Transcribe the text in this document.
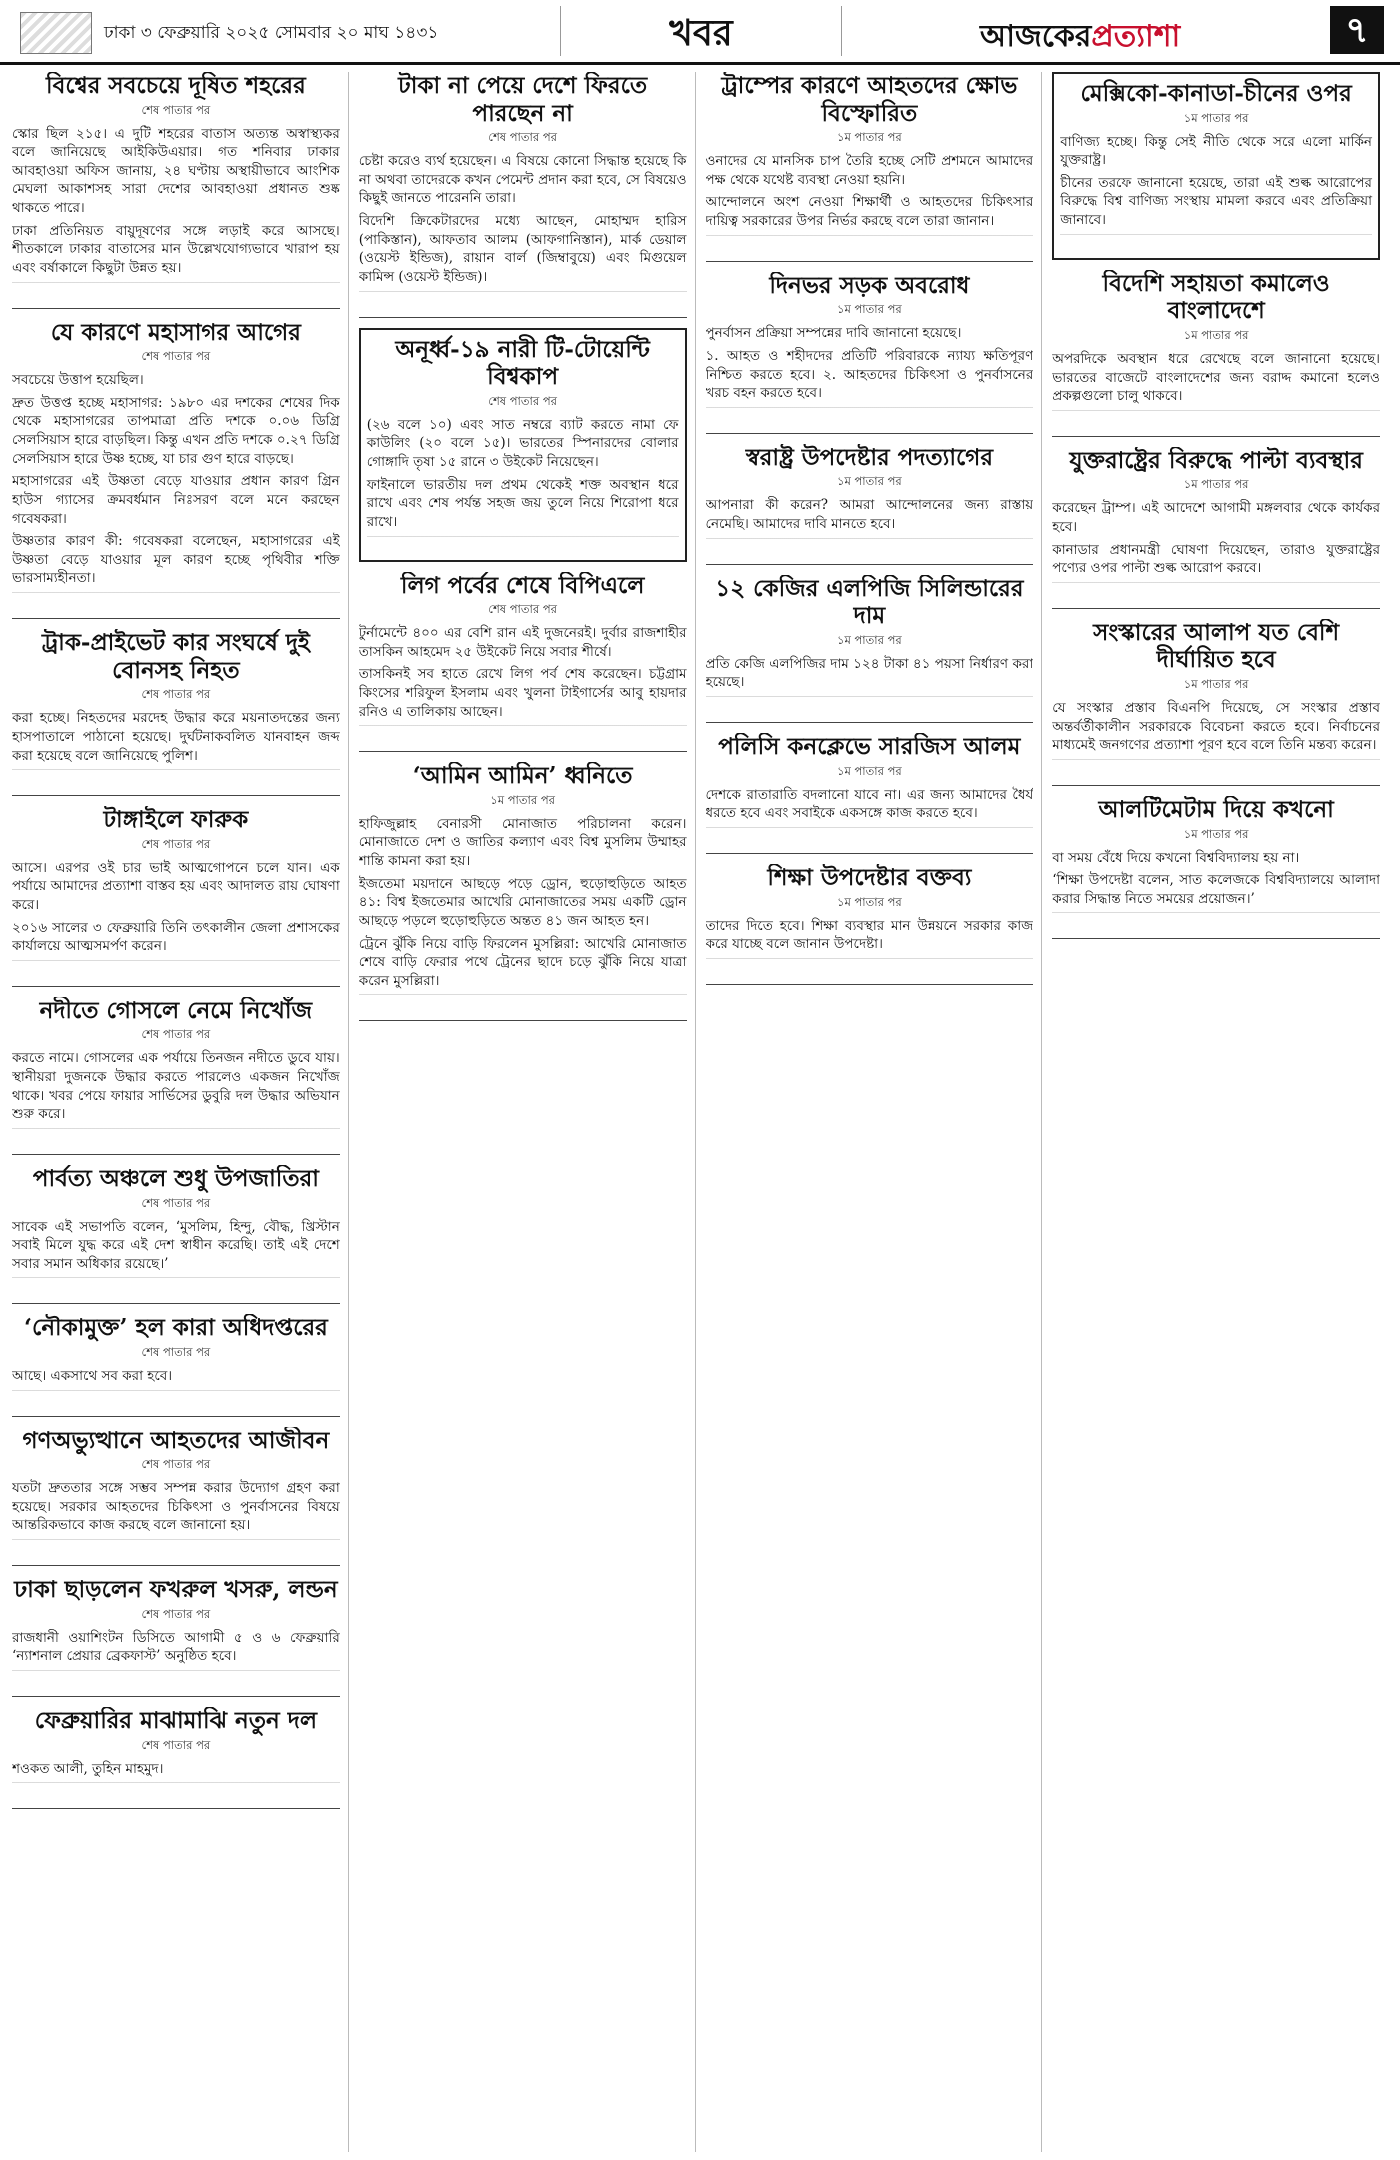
ঢাকা ৩ ফেব্রুয়ারি ২০২৫ সোমবার ২০ মাঘ ১৪৩১	খবর	আজকেরপ্রত্যাশা	৭
বিশ্বের সবচেয়ে দূষিত শহরের
শেষ পাতার পর

স্কোর ছিল ২১৫। এ দুটি শহরের বাতাস অত্যন্ত অস্বাস্থ্যকর বলে জানিয়েছে আইকিউএয়ার। গত শনিবার ঢাকার আবহাওয়া অফিস জানায়, ২৪ ঘণ্টায় অস্থায়ীভাবে আংশিক মেঘলা আকাশসহ সারা দেশের আবহাওয়া প্রধানত শুষ্ক থাকতে পারে।

ঢাকা প্রতিনিয়ত বায়ুদূষণের সঙ্গে লড়াই করে আসছে। শীতকালে ঢাকার বাতাসের মান উল্লেখযোগ্যভাবে খারাপ হয় এবং বর্ষাকালে কিছুটা উন্নত হয়।

যে কারণে মহাসাগর আগের
শেষ পাতার পর

সবচেয়ে উত্তাপ হয়েছিল।

দ্রুত উত্তপ্ত হচ্ছে মহাসাগর: ১৯৮০ এর দশকের শেষের দিক থেকে মহাসাগরের তাপমাত্রা প্রতি দশকে ০.০৬ ডিগ্রি সেলসিয়াস হারে বাড়ছিল। কিন্তু এখন প্রতি দশকে ০.২৭ ডিগ্রি সেলসিয়াস হারে উষ্ণ হচ্ছে, যা চার গুণ হারে বাড়ছে।

মহাসাগরের এই উষ্ণতা বেড়ে যাওয়ার প্রধান কারণ গ্রিন হাউস গ্যাসের ক্রমবর্ধমান নিঃসরণ বলে মনে করছেন গবেষকরা।

উষ্ণতার কারণ কী: গবেষকরা বলেছেন, মহাসাগরের এই উষ্ণতা বেড়ে যাওয়ার মূল কারণ হচ্ছে পৃথিবীর শক্তি ভারসাম্যহীনতা।

ট্রাক-প্রাইভেট কার সংঘর্ষে দুই বোনসহ নিহত
শেষ পাতার পর

করা হচ্ছে। নিহতদের মরদেহ উদ্ধার করে ময়নাতদন্তের জন্য হাসপাতালে পাঠানো হয়েছে। দুর্ঘটনাকবলিত যানবাহন জব্দ করা হয়েছে বলে জানিয়েছে পুলিশ।

টাঙ্গাইলে ফারুক
শেষ পাতার পর

আসে। এরপর ওই চার ভাই আত্মগোপনে চলে যান। এক পর্যায়ে আমাদের প্রত্যাশা বাস্তব হয় এবং আদালত রায় ঘোষণা করে।

২০১৬ সালের ৩ ফেব্রুয়ারি তিনি তৎকালীন জেলা প্রশাসকের কার্যালয়ে আত্মসমর্পণ করেন।

নদীতে গোসলে নেমে নিখোঁজ
শেষ পাতার পর

করতে নামে। গোসলের এক পর্যায়ে তিনজন নদীতে ডুবে যায়। স্থানীয়রা দুজনকে উদ্ধার করতে পারলেও একজন নিখোঁজ থাকে। খবর পেয়ে ফায়ার সার্ভিসের ডুবুরি দল উদ্ধার অভিযান শুরু করে।

পার্বত্য অঞ্চলে শুধু উপজাতিরা
শেষ পাতার পর

সাবেক এই সভাপতি বলেন, ‘মুসলিম, হিন্দু, বৌদ্ধ, খ্রিস্টান সবাই মিলে যুদ্ধ করে এই দেশ স্বাধীন করেছি। তাই এই দেশে সবার সমান অধিকার রয়েছে।’

‘নৌকামুক্ত’ হল কারা অধিদপ্তরের
শেষ পাতার পর

আছে। একসাথে সব করা হবে।

গণঅভ্যুত্থানে আহতদের আজীবন
শেষ পাতার পর

যতটা দ্রুততার সঙ্গে সম্ভব সম্পন্ন করার উদ্যোগ গ্রহণ করা হয়েছে। সরকার আহতদের চিকিৎসা ও পুনর্বাসনের বিষয়ে আন্তরিকভাবে কাজ করছে বলে জানানো হয়।

ঢাকা ছাড়লেন ফখরুল খসরু, লন্ডন
শেষ পাতার পর

রাজধানী ওয়াশিংটন ডিসিতে আগামী ৫ ও ৬ ফেব্রুয়ারি ‘ন্যাশনাল প্রেয়ার ব্রেকফাস্ট’ অনুষ্ঠিত হবে।

ফেব্রুয়ারির মাঝামাঝি নতুন দল
শেষ পাতার পর

শওকত আলী, তুহিন মাহমুদ।

টাকা না পেয়ে দেশে ফিরতে পারছেন না
শেষ পাতার পর

চেষ্টা করেও ব্যর্থ হয়েছেন। এ বিষয়ে কোনো সিদ্ধান্ত হয়েছে কি না অথবা তাদেরকে কখন পেমেন্ট প্রদান করা হবে, সে বিষয়েও কিছুই জানতে পারেননি তারা।

বিদেশি ক্রিকেটারদের মধ্যে আছেন, মোহাম্মদ হারিস (পাকিস্তান), আফতাব আলম (আফগানিস্তান), মার্ক ডেয়াল (ওয়েস্ট ইন্ডিজ), রায়ান বার্ল (জিম্বাবুয়ে) এবং মিগুয়েল কামিন্স (ওয়েস্ট ইন্ডিজ)।

অনূর্ধ্ব-১৯ নারী টি-টোয়েন্টি বিশ্বকাপ
শেষ পাতার পর

(২৬ বলে ১০) এবং সাত নম্বরে ব্যাট করতে নামা ফে কাউলিং (২০ বলে ১৫)। ভারতের স্পিনারদের বোলার গোঙ্গাদি তৃষা ১৫ রানে ৩ উইকেট নিয়েছেন।

ফাইনালে ভারতীয় দল প্রথম থেকেই শক্ত অবস্থান ধরে রাখে এবং শেষ পর্যন্ত সহজ জয় তুলে নিয়ে শিরোপা ধরে রাখে।

লিগ পর্বের শেষে বিপিএলে
শেষ পাতার পর

টুর্নামেন্টে ৪০০ এর বেশি রান এই দুজনেরই। দুর্বার রাজশাহীর তাসকিন আহমেদ ২৫ উইকেট নিয়ে সবার শীর্ষে।

তাসকিনই সব হাতে রেখে লিগ পর্ব শেষ করেছেন। চট্টগ্রাম কিংসের শরিফুল ইসলাম এবং খুলনা টাইগার্সের আবু হায়দার রনিও এ তালিকায় আছেন।

‘আমিন আমিন’ ধ্বনিতে
১ম পাতার পর

হাফিজুল্লাহ বেনারসী মোনাজাত পরিচালনা করেন। মোনাজাতে দেশ ও জাতির কল্যাণ এবং বিশ্ব মুসলিম উম্মাহর শান্তি কামনা করা হয়।

ইজতেমা ময়দানে আছড়ে পড়ে ড্রোন, হুড়োহুড়িতে আহত ৪১: বিশ্ব ইজতেমার আখেরি মোনাজাতের সময় একটি ড্রোন আছড়ে পড়লে হুড়োহুড়িতে অন্তত ৪১ জন আহত হন।

ট্রেনে ঝুঁকি নিয়ে বাড়ি ফিরলেন মুসল্লিরা: আখেরি মোনাজাত শেষে বাড়ি ফেরার পথে ট্রেনের ছাদে চড়ে ঝুঁকি নিয়ে যাত্রা করেন মুসল্লিরা।

ট্রাম্পের কারণে আহতদের ক্ষোভ বিস্ফোরিত
১ম পাতার পর

ওনাদের যে মানসিক চাপ তৈরি হচ্ছে সেটি প্রশমনে আমাদের পক্ষ থেকে যথেষ্ট ব্যবস্থা নেওয়া হয়নি।

আন্দোলনে অংশ নেওয়া শিক্ষার্থী ও আহতদের চিকিৎসার দায়িত্ব সরকারের উপর নির্ভর করছে বলে তারা জানান।

দিনভর সড়ক অবরোধ
১ম পাতার পর

পুনর্বাসন প্রক্রিয়া সম্পন্নের দাবি জানানো হয়েছে।

১. আহত ও শহীদদের প্রতিটি পরিবারকে ন্যায্য ক্ষতিপূরণ নিশ্চিত করতে হবে। ২. আহতদের চিকিৎসা ও পুনর্বাসনের খরচ বহন করতে হবে।

স্বরাষ্ট্র উপদেষ্টার পদত্যাগের
১ম পাতার পর

আপনারা কী করেন? আমরা আন্দোলনের জন্য রাস্তায় নেমেছি। আমাদের দাবি মানতে হবে।

১২ কেজির এলপিজি সিলিন্ডারের দাম
১ম পাতার পর

প্রতি কেজি এলপিজির দাম ১২৪ টাকা ৪১ পয়সা নির্ধারণ করা হয়েছে।

পলিসি কনক্লেভে সারজিস আলম
১ম পাতার পর

দেশকে রাতারাতি বদলানো যাবে না। এর জন্য আমাদের ধৈর্য ধরতে হবে এবং সবাইকে একসঙ্গে কাজ করতে হবে।

শিক্ষা উপদেষ্টার বক্তব্য
১ম পাতার পর

তাদের দিতে হবে। শিক্ষা ব্যবস্থার মান উন্নয়নে সরকার কাজ করে যাচ্ছে বলে জানান উপদেষ্টা।

মেক্সিকো-কানাডা-চীনের ওপর
১ম পাতার পর

বাণিজ্য হচ্ছে। কিন্তু সেই নীতি থেকে সরে এলো মার্কিন যুক্তরাষ্ট্র।

চীনের তরফে জানানো হয়েছে, তারা এই শুল্ক আরোপের বিরুদ্ধে বিশ্ব বাণিজ্য সংস্থায় মামলা করবে এবং প্রতিক্রিয়া জানাবে।

বিদেশি সহায়তা কমালেও বাংলাদেশে
১ম পাতার পর

অপরদিকে অবস্থান ধরে রেখেছে বলে জানানো হয়েছে। ভারতের বাজেটে বাংলাদেশের জন্য বরাদ্দ কমানো হলেও প্রকল্পগুলো চালু থাকবে।

যুক্তরাষ্ট্রের বিরুদ্ধে পাল্টা ব্যবস্থার
১ম পাতার পর

করেছেন ট্রাম্প। এই আদেশে আগামী মঙ্গলবার থেকে কার্যকর হবে।

কানাডার প্রধানমন্ত্রী ঘোষণা দিয়েছেন, তারাও যুক্তরাষ্ট্রের পণ্যের ওপর পাল্টা শুল্ক আরোপ করবে।

সংস্কারের আলাপ যত বেশি দীর্ঘায়িত হবে
১ম পাতার পর

যে সংস্কার প্রস্তাব বিএনপি দিয়েছে, সে সংস্কার প্রস্তাব অন্তর্বর্তীকালীন সরকারকে বিবেচনা করতে হবে। নির্বাচনের মাধ্যমেই জনগণের প্রত্যাশা পূরণ হবে বলে তিনি মন্তব্য করেন।

আলটিমেটাম দিয়ে কখনো
১ম পাতার পর

বা সময় বেঁধে দিয়ে কখনো বিশ্ববিদ্যালয় হয় না।

‘শিক্ষা উপদেষ্টা বলেন, সাত কলেজকে বিশ্ববিদ্যালয়ে আলাদা করার সিদ্ধান্ত নিতে সময়ের প্রয়োজন।’
